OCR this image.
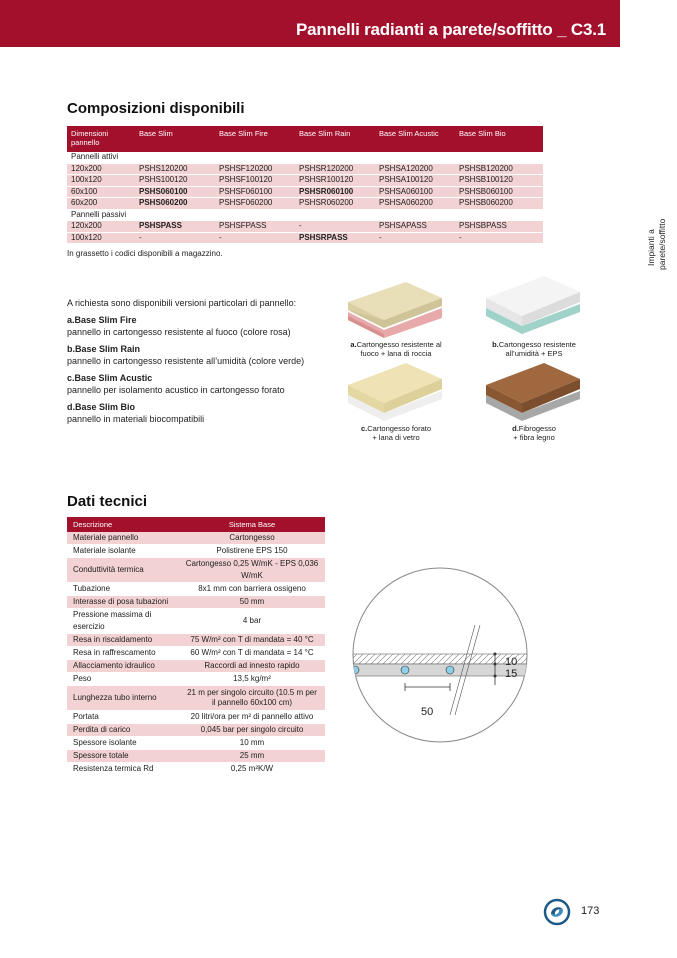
Pannelli radianti a parete/soffitto _ C3.1
Impianti a parete/soffitto
Composizioni disponibili
Dimensioni pannello	Base Slim	Base Slim Fire	Base Slim Rain	Base Slim Acustic	Base Slim Bio
Pannelli attivi					
120x200	PSHS120200	PSHSF120200	PSHSR120200	PSHSA120200	PSHSB120200
100x120	PSHS100120	PSHSF100120	PSHSR100120	PSHSA100120	PSHSB100120
60x100	PSHS060100	PSHSF060100	PSHSR060100	PSHSA060100	PSHSB060100
60x200	PSHS060200	PSHSF060200	PSHSR060200	PSHSA060200	PSHSB060200
Pannelli passivi					
120x200	PSHSPASS	PSHSFPASS	-	PSHSAPASS	PSHSBPASS
100x120	-	-	PSHSRPASS	-	-
In grassetto i codici disponibili a magazzino.

A richiesta sono disponibili versioni particolari di pannello:

a.Base Slim Fire

pannello in cartongesso resistente al fuoco (colore rosa)

b.Base Slim Rain

pannello in cartongesso resistente all’umidità (colore verde)

c.Base Slim Acustic

pannello per isolamento acustico in cartongesso forato

d.Base Slim Bio

pannello in materiali biocompatibili

a.Cartongesso resistente al
fuoco + lana di roccia
b.Cartongesso resistente
all’umidità + EPS
c.Cartongesso forato
+ lana di vetro
d.Fibrogesso
+ fibra legno
Dati tecnici
Descrizione	Sistema Base
Materiale pannello	Cartongesso
Materiale isolante	Polistirene EPS 150
Conduttività termica	Cartongesso 0,25 W/mK - EPS 0,036 W/mK
Tubazione	8x1 mm con barriera ossigeno
Interasse di posa tubazioni	50 mm
Pressione massima di esercizio	4 bar
Resa in riscaldamento	75 W/m² con T di mandata = 40 °C
Resa in raffrescamento	60 W/m² con T di mandata = 14 °C
Allacciamento idraulico	Raccordi ad innesto rapido
Peso	13,5 kg/m²
Lunghezza tubo interno	21 m per singolo circuito (10.5 m per il pannello 60x100 cm)
Portata	20 litri/ora per m² di pannello attivo
Perdita di carico	0,045 bar per singolo circuito
Spessore isolante	10 mm
Spessore totale	25 mm
Resistenza termica Rd	0,25 m²K/W
10
15
50
173
